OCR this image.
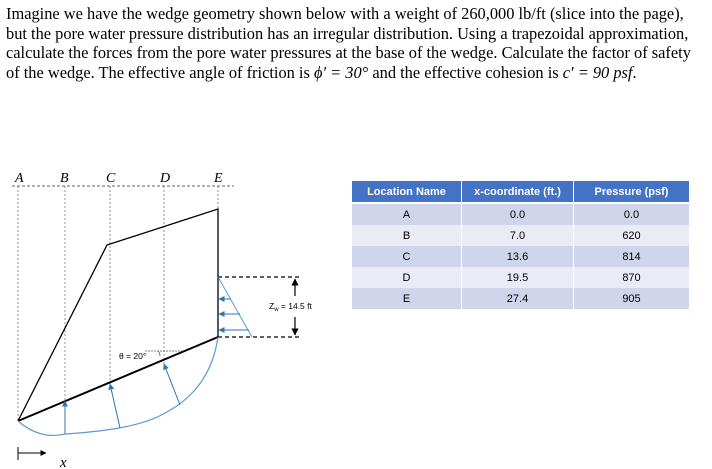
Imagine we have the wedge geometry shown below with a weight of 260,000 lb/ft (slice into the page), but the pore water pressure distribution has an irregular distribution. Using a trapezoidal approximation, calculate the forces from the pore water pressures at the base of the wedge. Calculate the factor of safety of the wedge. The effective angle of friction is ϕ′ = 30° and the effective cohesion is c′ = 90 psf.

A	B	C	D	E
θ = 20°
$Z_w = 14.5$ ft
x
Location Name	x-coordinate (ft.)	Pressure (psf)
A	0.0	0.0
B	7.0	620
C	13.6	814
D	19.5	870
E	27.4	905
